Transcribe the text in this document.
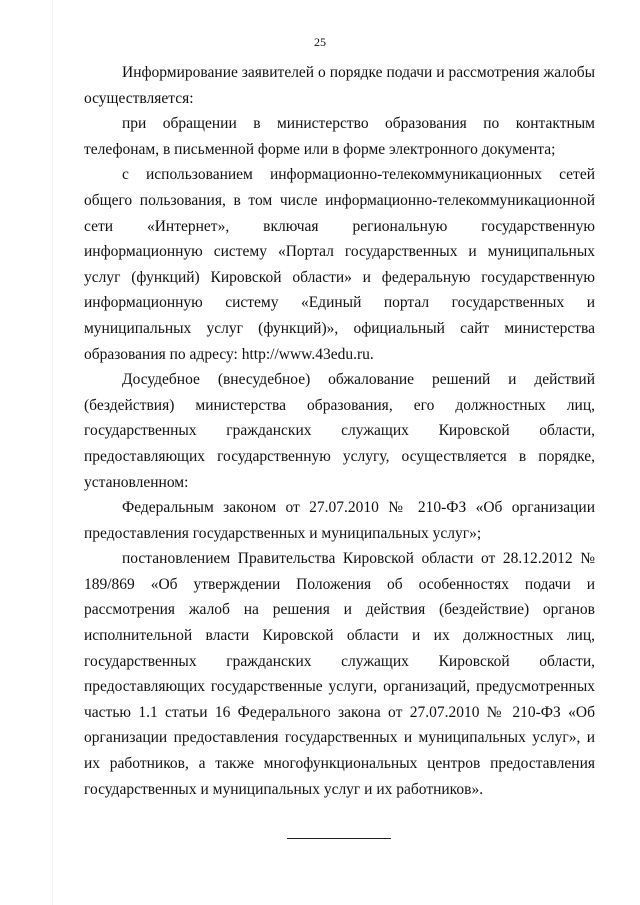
25

Информирование заявителей о порядке подачи и рассмотрения жалобы осуществляется:

при обращении в министерство образования по контактным телефонам, в письменной форме или в форме электронного документа;

с использованием информационно-телекоммуникационных сетей общего пользования, в том числе информационно-телекоммуникационной сети «Интернет», включая региональную государственную информационную систему «Портал государственных и муниципальных услуг (функций) Кировской области» и федеральную государственную информационную систему «Единый портал государственных и муниципальных услуг (функций)», официальный сайт министерства образования по адресу: http://www.43edu.ru.

Досудебное (внесудебное) обжалование решений и действий (бездействия) министерства образования, его должностных лиц, государственных гражданских служащих Кировской области, предоставляющих государственную услугу, осуществляется в порядке, установленном:

Федеральным законом от 27.07.2010 № 210-ФЗ «Об организации предоставления государственных и муниципальных услуг»;

постановлением Правительства Кировской области от 28.12.2012 № 189/869 «Об утверждении Положения об особенностях подачи и рассмотрения жалоб на решения и действия (бездействие) органов исполнительной власти Кировской области и их должностных лиц, государственных гражданских служащих Кировской области, предоставляющих государственные услуги, организаций, предусмотренных частью 1.1 статьи 16 Федерального закона от 27.07.2010 № 210-ФЗ «Об организации предоставления государственных и муниципальных услуг», и их работников, а также многофункциональных центров предоставления государственных и муниципальных услуг и их работников».
